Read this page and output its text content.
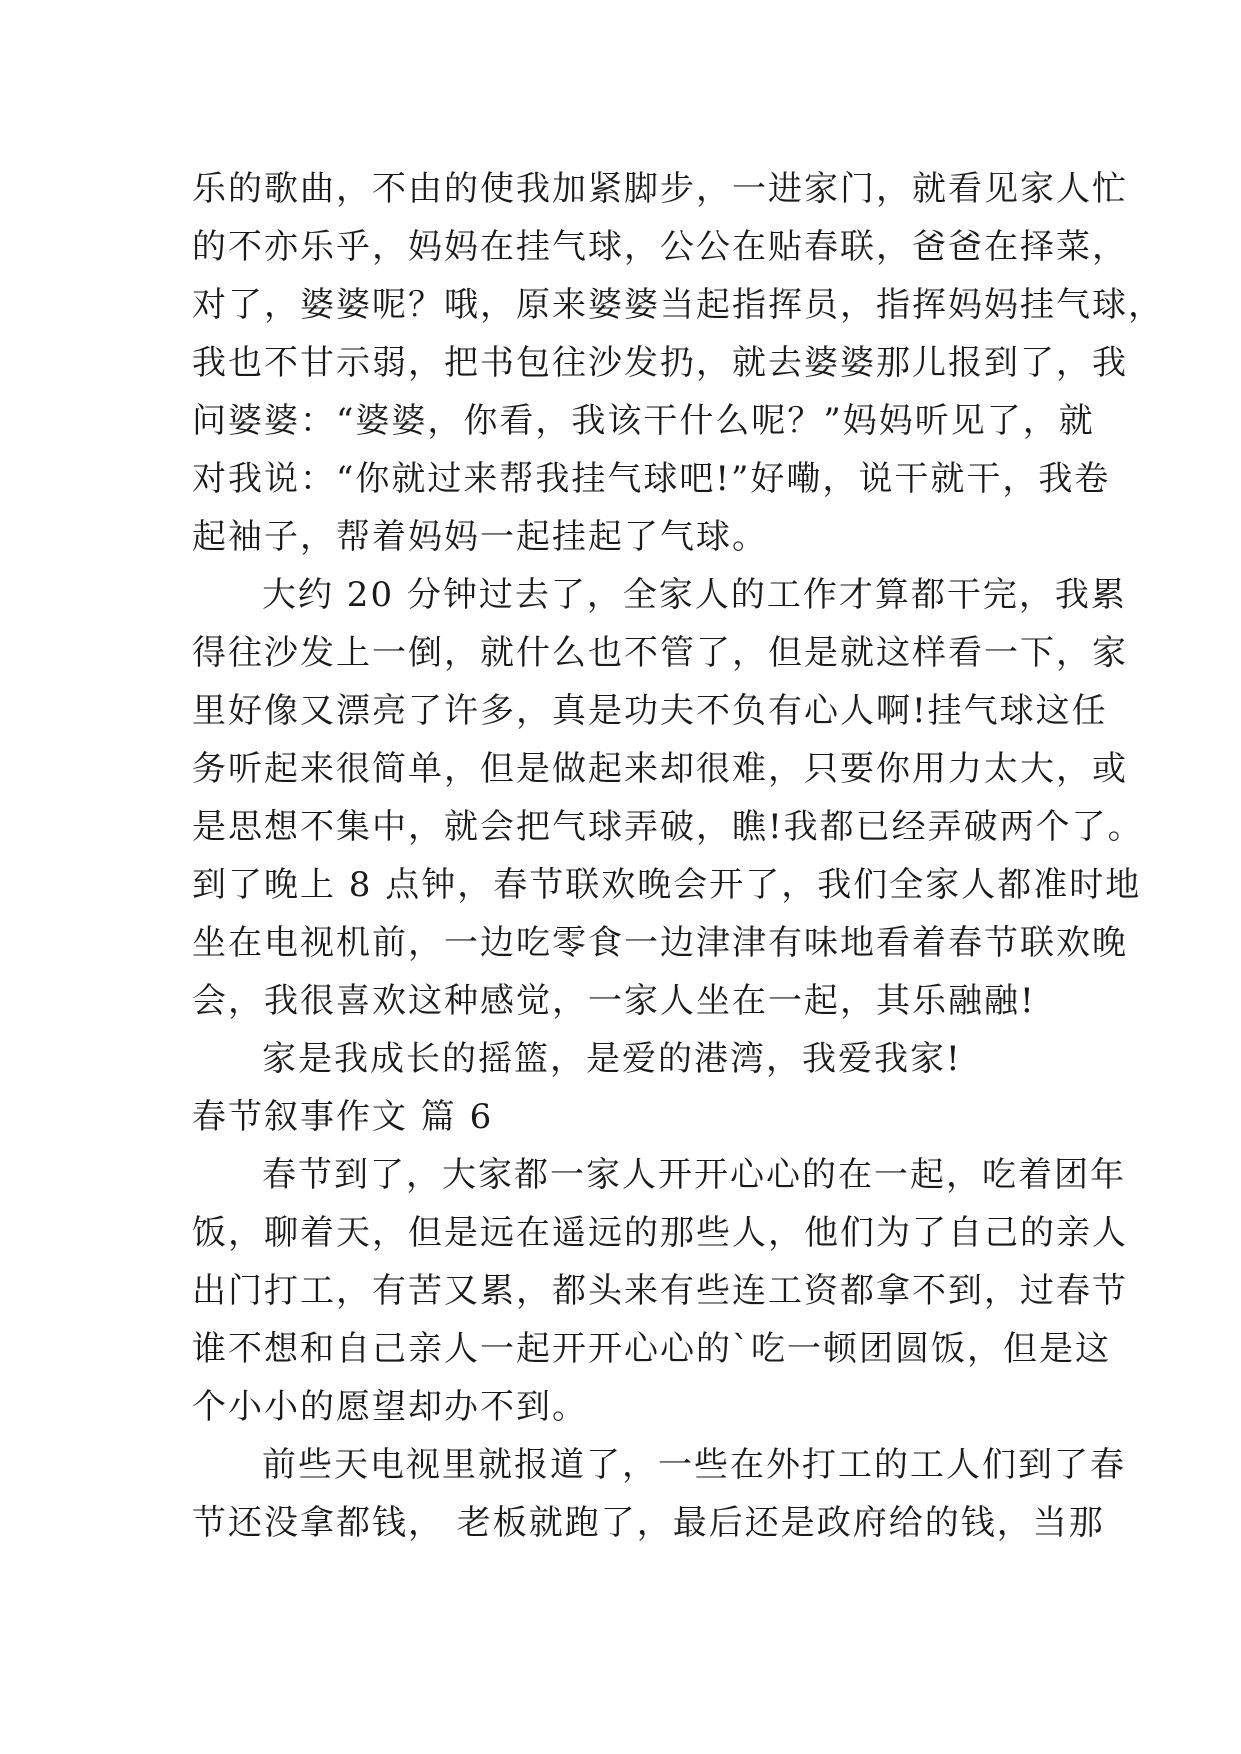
乐的歌曲，不由的使我加紧脚步，一进家门，就看见家人忙
的不亦乐乎，妈妈在挂气球，公公在贴春联，爸爸在择菜，
对了，婆婆呢？哦，原来婆婆当起指挥员，指挥妈妈挂气球，
我也不甘示弱，把书包往沙发扔，就去婆婆那儿报到了，我
问婆婆：“婆婆，你看，我该干什么呢？”妈妈听见了，就
对我说：“你就过来帮我挂气球吧!”好嘞，说干就干，我卷
起袖子，帮着妈妈一起挂起了气球。
大约 20 分钟过去了，全家人的工作才算都干完，我累
得往沙发上一倒，就什么也不管了，但是就这样看一下，家
里好像又漂亮了许多，真是功夫不负有心人啊!挂气球这任
务听起来很简单，但是做起来却很难，只要你用力太大，或
是思想不集中，就会把气球弄破，瞧!我都已经弄破两个了。
到了晚上 8 点钟，春节联欢晚会开了，我们全家人都准时地
坐在电视机前，一边吃零食一边津津有味地看着春节联欢晚
会，我很喜欢这种感觉，一家人坐在一起，其乐融融!
家是我成长的摇篮，是爱的港湾，我爱我家!
春节叙事作文 篇 6
春节到了，大家都一家人开开心心的在一起，吃着团年
饭，聊着天，但是远在遥远的那些人，他们为了自己的亲人
出门打工，有苦又累，都头来有些连工资都拿不到，过春节
谁不想和自己亲人一起开开心心的`吃一顿团圆饭，但是这
个小小的愿望却办不到。
前些天电视里就报道了，一些在外打工的工人们到了春
节还没拿都钱， 老板就跑了，最后还是政府给的钱，当那
